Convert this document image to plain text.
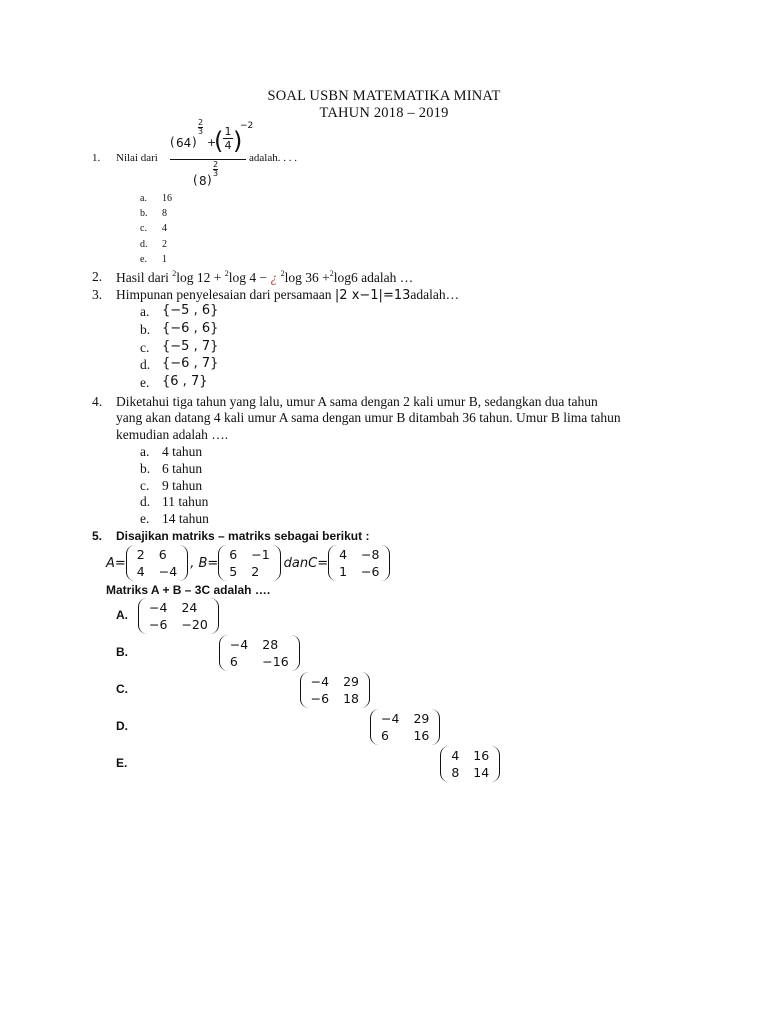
SOAL USBN MATEMATIKA MINAT
TAHUN 2018 – 2019
1. Nilai dari
( 64 )
2

3
+
( $\frac{1}{4}$ )
−2
( 8 )
2

3
adalah. . . .
a. 16
b. 8
c. 4
d. 2
e. 1
2. Hasil dari $^2$log 12 + $^2$log 4 − ¿ $^2$log 36 +$^2$log6 adalah …
3. Himpunan penyelesaian dari persamaan |2 x−1|=13adalah…
a. {−5 , 6}
b. {−6 , 6}
c. {−5 , 7}
d. {−6 , 7}
e. {6 , 7}
4. Diketahui tiga tahun yang lalu, umur A sama dengan 2 kali umur B, sedangkan dua tahun
yang akan datang 4 kali umur A sama dengan umur B ditambah 36 tahun. Umur B lima tahun
kemudian adalah ….
a. 4 tahun
b. 6 tahun
c. 9 tahun
d. 11 tahun
e. 14 tahun
5. Disajikan matriks – matriks sebagai berikut :
A=
2	6
4	−4
, B=
6	−1
5	2
danC=
4	−8
1	−6
Matriks A + B – 3C adalah ….
A. −4	24
−6	−20
B.	−4	28
6	−16
C.	−4	29
−6	18
D.	−4	29
6	16
E.	4	16
8	14
